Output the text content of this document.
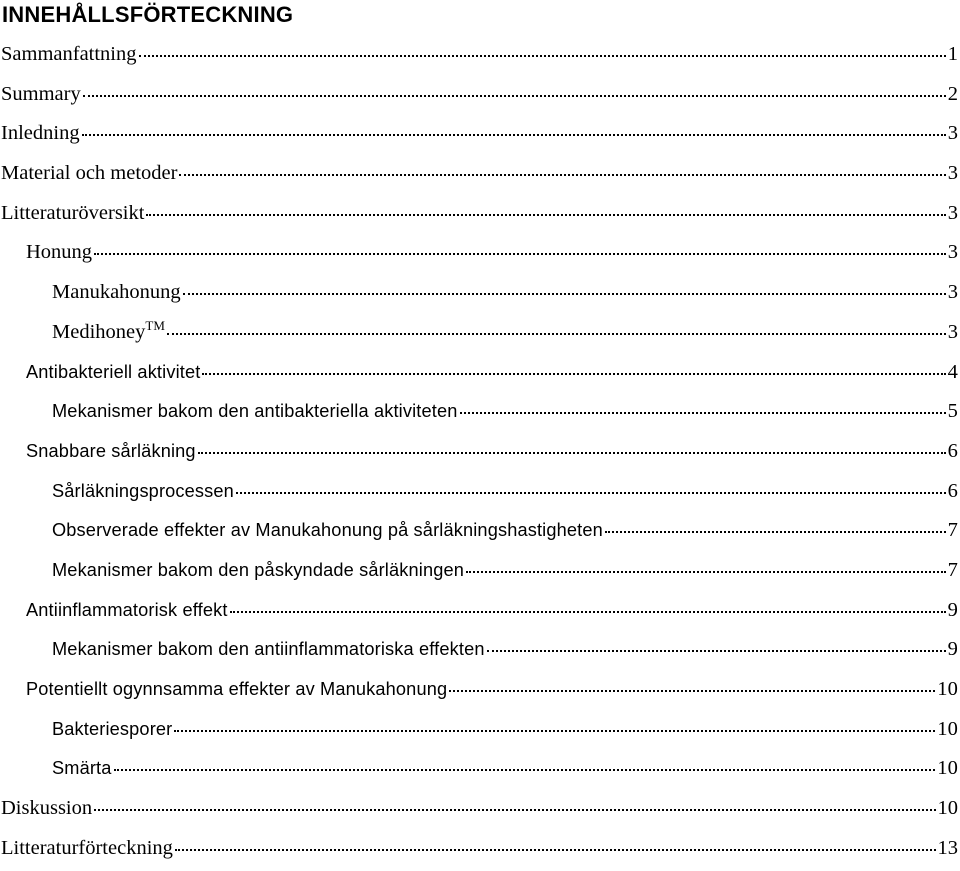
INNEHÅLLSFÖRTECKNING
Sammanfattning	1
Summary	2
Inledning	3
Material och metoder	3
Litteraturöversikt	3
Honung	3
Manukahonung	3
Medihoney™	3
Antibakteriell aktivitet	4
Mekanismer bakom den antibakteriella aktiviteten	5
Snabbare sårläkning	6
Sårläkningsprocessen	6
Observerade effekter av Manukahonung på sårläkningshastigheten	7
Mekanismer bakom den påskyndade sårläkningen	7
Antiinflammatorisk effekt	9
Mekanismer bakom den antiinflammatoriska effekten	9
Potentiellt ogynnsamma effekter av Manukahonung	10
Bakteriesporer	10
Smärta	10
Diskussion	10
Litteraturförteckning	13
